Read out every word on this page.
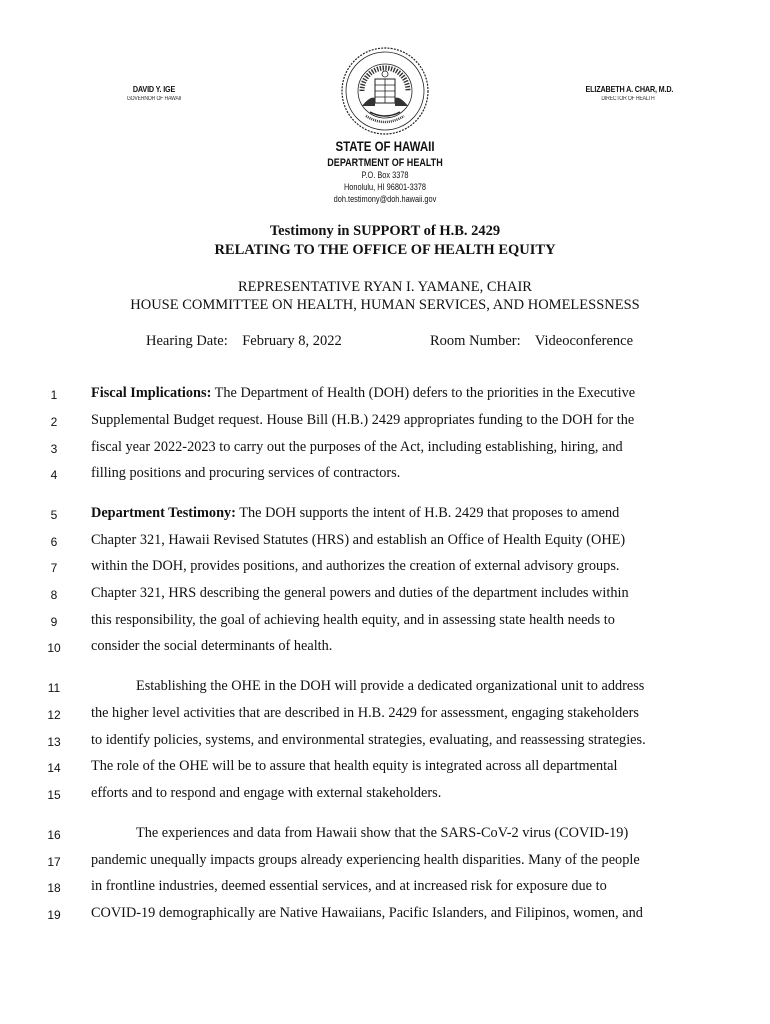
DAVID Y. IGE
GOVERNOR OF HAWAII
ELIZABETH A. CHAR, M.D.
DIRECTOR OF HEALTH
STATE OF HAWAII
DEPARTMENT OF HEALTH
P.O. Box 3378
Honolulu, HI 96801-3378
doh.testimony@doh.hawaii.gov
Testimony in SUPPORT of H.B. 2429
RELATING TO THE OFFICE OF HEALTH EQUITY
REPRESENTATIVE RYAN I. YAMANE, CHAIR
HOUSE COMMITTEE ON HEALTH, HUMAN SERVICES, AND HOMELESSNESS
Hearing Date: February 8, 2022	Room Number: Videoconference
1	Fiscal Implications: The Department of Health (DOH) defers to the priorities in the Executive
2	Supplemental Budget request. House Bill (H.B.) 2429 appropriates funding to the DOH for the
3	fiscal year 2022-2023 to carry out the purposes of the Act, including establishing, hiring, and
4	filling positions and procuring services of contractors.
5	Department Testimony: The DOH supports the intent of H.B. 2429 that proposes to amend
6	Chapter 321, Hawaii Revised Statutes (HRS) and establish an Office of Health Equity (OHE)
7	within the DOH, provides positions, and authorizes the creation of external advisory groups.
8	Chapter 321, HRS describing the general powers and duties of the department includes within
9	this responsibility, the goal of achieving health equity, and in assessing state health needs to
10	consider the social determinants of health.
11	Establishing the OHE in the DOH will provide a dedicated organizational unit to address
12	the higher level activities that are described in H.B. 2429 for assessment, engaging stakeholders
13	to identify policies, systems, and environmental strategies, evaluating, and reassessing strategies.
14	The role of the OHE will be to assure that health equity is integrated across all departmental
15	efforts and to respond and engage with external stakeholders.
16	The experiences and data from Hawaii show that the SARS-CoV-2 virus (COVID-19)
17	pandemic unequally impacts groups already experiencing health disparities. Many of the people
18	in frontline industries, deemed essential services, and at increased risk for exposure due to
19	COVID-19 demographically are Native Hawaiians, Pacific Islanders, and Filipinos, women, and
